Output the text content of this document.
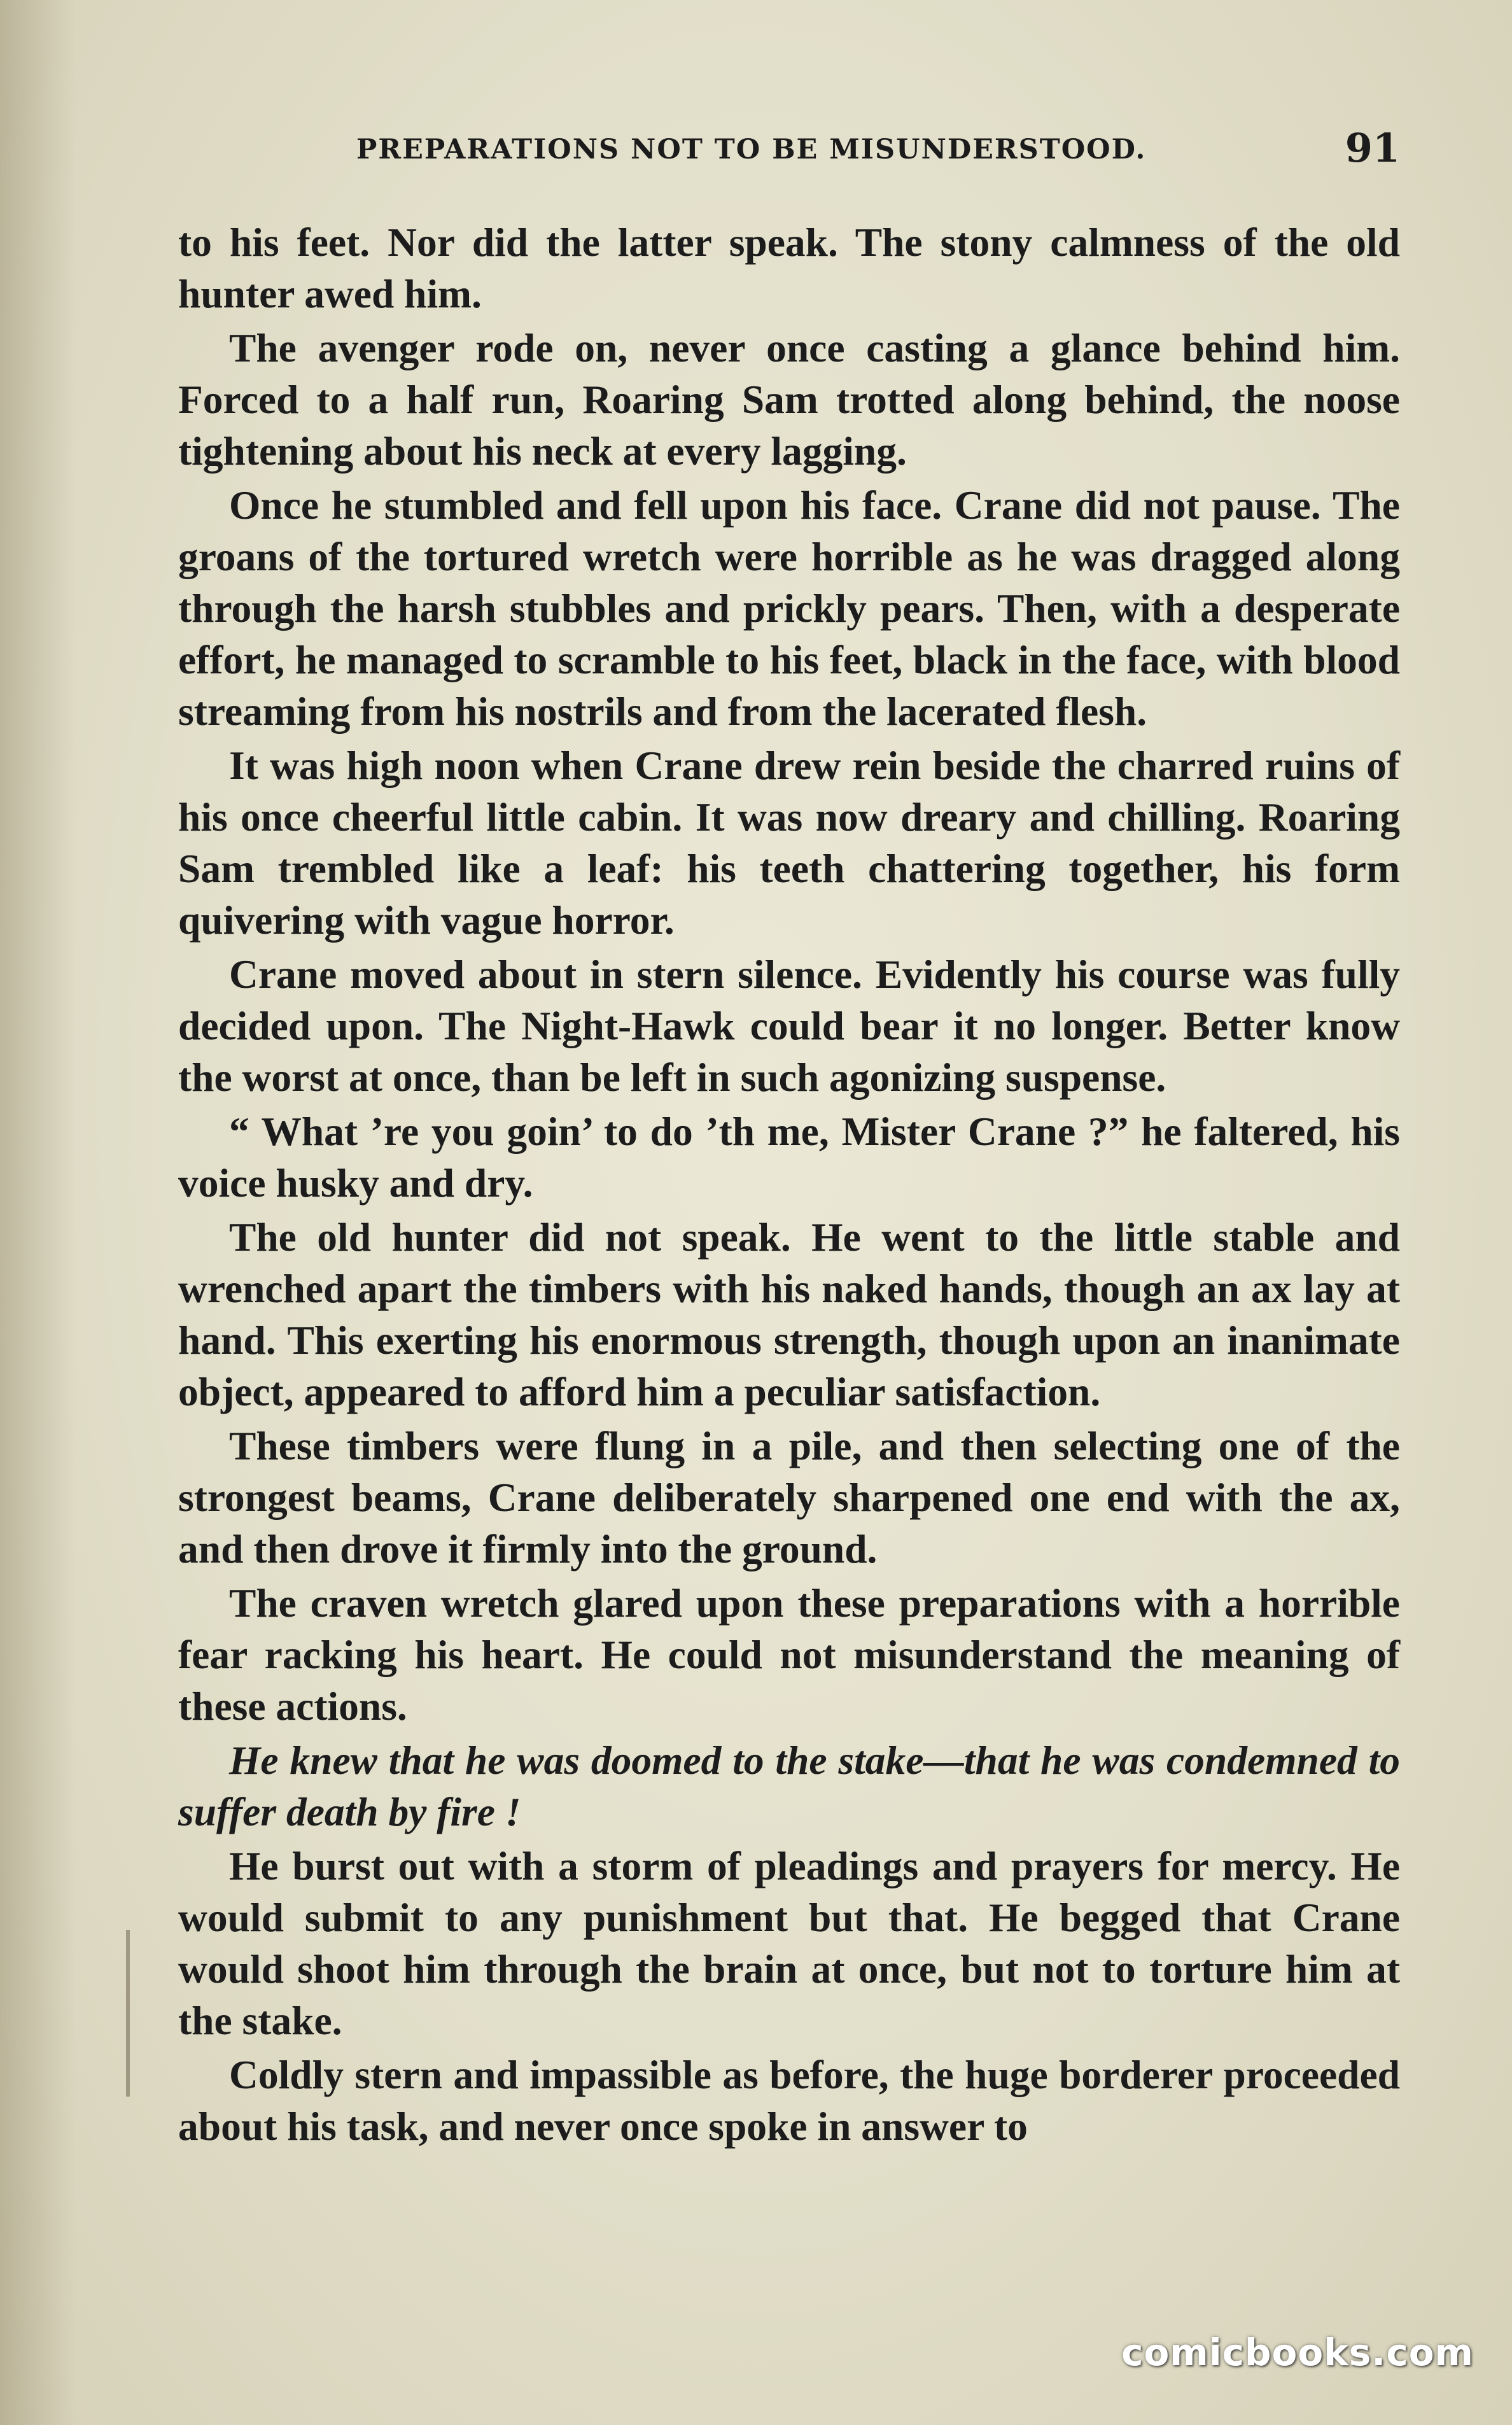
PREPARATIONS NOT TO BE MISUNDERSTOOD.	91

to his feet. Nor did the latter speak. The stony calmness of the old hunter awed him.

The avenger rode on, never once casting a glance behind him. Forced to a half run, Roaring Sam trotted along behind, the noose tightening about his neck at every lagging.

Once he stumbled and fell upon his face. Crane did not pause. The groans of the tortured wretch were horrible as he was dragged along through the harsh stubbles and prickly pears. Then, with a desperate effort, he managed to scramble to his feet, black in the face, with blood streaming from his nostrils and from the lacerated flesh.

It was high noon when Crane drew rein beside the charred ruins of his once cheerful little cabin. It was now dreary and chilling. Roaring Sam trembled like a leaf: his teeth chattering together, his form quivering with vague horror.

Crane moved about in stern silence. Evidently his course was fully decided upon. The Night-Hawk could bear it no longer. Better know the worst at once, than be left in such agonizing suspense.

“ What ’re you goin’ to do ’th me, Mister Crane ?” he faltered, his voice husky and dry.

The old hunter did not speak. He went to the little stable and wrenched apart the timbers with his naked hands, though an ax lay at hand. This exerting his enormous strength, though upon an inanimate object, appeared to afford him a peculiar satisfaction.

These timbers were flung in a pile, and then selecting one of the strongest beams, Crane deliberately sharpened one end with the ax, and then drove it firmly into the ground.

The craven wretch glared upon these preparations with a horrible fear racking his heart. He could not misunderstand the meaning of these actions.

He knew that he was doomed to the stake—that he was condemned to suffer death by fire !

He burst out with a storm of pleadings and prayers for mercy. He would submit to any punishment but that. He begged that Crane would shoot him through the brain at once, but not to torture him at the stake.

Coldly stern and impassible as before, the huge borderer proceeded about his task, and never once spoke in answer to

comicbooks.com
